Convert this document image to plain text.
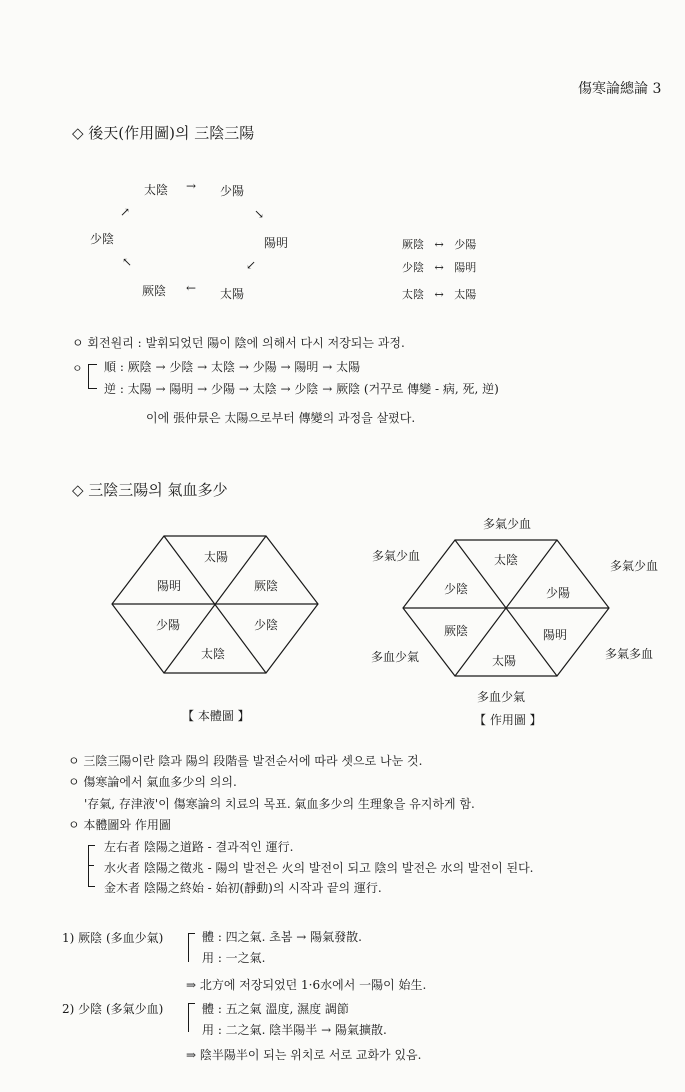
傷寒論總論 3
◇ 後天(作用圖)의 三陰三陽
太陰 → 少陽
↗	↘
少陰	陽明
↖	↙
厥陰 ← 太陽
厥陰 ↔ 少陽
少陰 ↔ 陽明
太陰 ↔ 太陽
ㅇ 회전원리 : 발휘되었던 陽이 陰에 의해서 다시 저장되는 과정.
ㅇ 順 : 厥陰 → 少陰 → 太陰 → 少陽 → 陽明 → 太陽
逆 : 太陽 → 陽明 → 少陽 → 太陰 → 少陰 → 厥陰 (거꾸로 傳變 - 病, 死, 逆)
이에 張仲景은 太陽으로부터 傳變의 과정을 살폈다.
◇ 三陰三陽의 氣血多少
太陽
陽明	厥陰
少陽	少陰
太陰
【 本體圖 】
太陰
少陰	少陽
厥陰	陽明
太陽
多氣少血
多氣少血
多氣少血
多血少氣	多氣多血
多血少氣
【 作用圖 】
ㅇ 三陰三陽이란 陰과 陽의 段階를 발전순서에 따라 셋으로 나눈 것.
ㅇ 傷寒論에서 氣血多少의 의의.
'存氣, 存津液'이 傷寒論의 치료의 목표. 氣血多少의 生理象을 유지하게 함.
ㅇ 本體圖와 作用圖
左右者 陰陽之道路 - 결과적인 運行.
水火者 陰陽之徵兆 - 陽의 발전은 火의 발전이 되고 陰의 발전은 水의 발전이 된다.
金木者 陰陽之終始 - 始初(靜動)의 시작과 끝의 運行.
1) 厥陰 (多血少氣)	體 : 四之氣. 초봄 → 陽氣發散.
用 : 一之氣.
⇒ 北方에 저장되었던 1·6水에서 一陽이 始生.
2) 少陰 (多氣少血)	體 : 五之氣 溫度, 濕度 調節
用 : 二之氣. 陰半陽半 → 陽氣擴散.
⇒ 陰半陽半이 되는 위치로 서로 교화가 있음.
